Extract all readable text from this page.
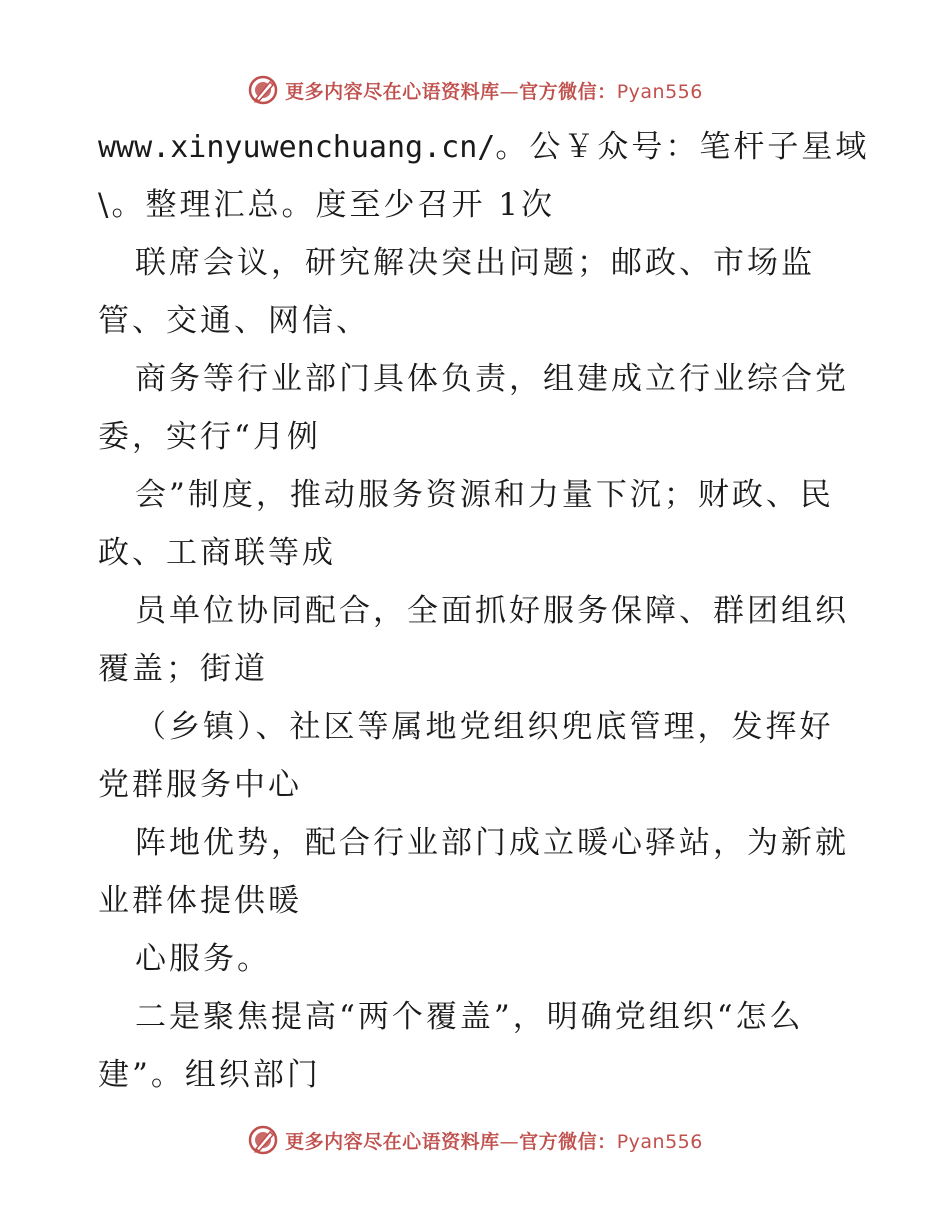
更多内容尽在心语资料库—官方微信：Pyan556
www.xinyuwenchuang.cn/。公￥众号：笔杆子星域
\。整理汇总。度至少召开 1次
联席会议，研究解决突出问题；邮政、市场监
管、交通、网信、
商务等行业部门具体负责，组建成立行业综合党
委，实行“月例
会”制度，推动服务资源和力量下沉；财政、民
政、工商联等成
员单位协同配合，全面抓好服务保障、群团组织
覆盖；街道
（乡镇）、社区等属地党组织兜底管理，发挥好
党群服务中心
阵地优势，配合行业部门成立暖心驿站，为新就
业群体提供暖
心服务。
二是聚焦提高“两个覆盖”，明确党组织“怎么
建”。组织部门
更多内容尽在心语资料库—官方微信：Pyan556
